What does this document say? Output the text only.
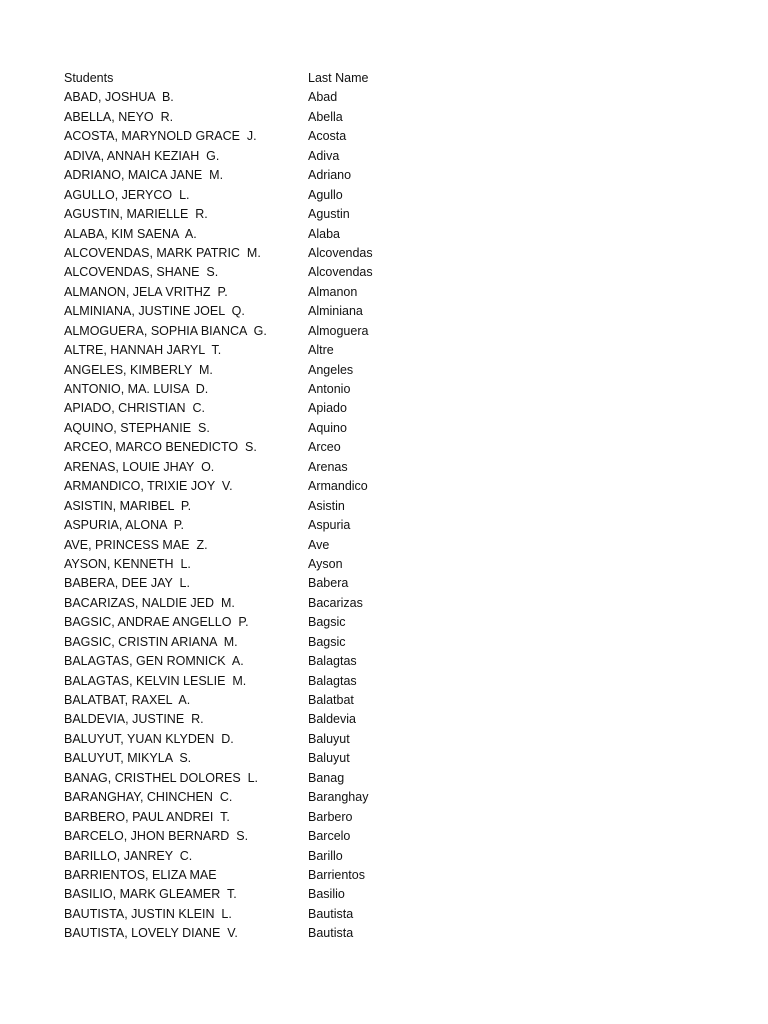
Students	Last Name
ABAD, JOSHUA  B.	Abad
ABELLA, NEYO  R.	Abella
ACOSTA, MARYNOLD GRACE  J.	Acosta
ADIVA, ANNAH KEZIAH  G.	Adiva
ADRIANO, MAICA JANE  M.	Adriano
AGULLO, JERYCO  L.	Agullo
AGUSTIN, MARIELLE  R.	Agustin
ALABA, KIM SAENA  A.	Alaba
ALCOVENDAS, MARK PATRIC  M.	Alcovendas
ALCOVENDAS, SHANE  S.	Alcovendas
ALMANON, JELA VRITHZ  P.	Almanon
ALMINIANA, JUSTINE JOEL  Q.	Alminiana
ALMOGUERA, SOPHIA BIANCA  G.	Almoguera
ALTRE, HANNAH JARYL  T.	Altre
ANGELES, KIMBERLY  M.	Angeles
ANTONIO, MA. LUISA  D.	Antonio
APIADO, CHRISTIAN  C.	Apiado
AQUINO, STEPHANIE  S.	Aquino
ARCEO, MARCO BENEDICTO  S.	Arceo
ARENAS, LOUIE JHAY  O.	Arenas
ARMANDICO, TRIXIE JOY  V.	Armandico
ASISTIN, MARIBEL  P.	Asistin
ASPURIA, ALONA  P.	Aspuria
AVE, PRINCESS MAE  Z.	Ave
AYSON, KENNETH  L.	Ayson
BABERA, DEE JAY  L.	Babera
BACARIZAS, NALDIE JED  M.	Bacarizas
BAGSIC, ANDRAE ANGELLO  P.	Bagsic
BAGSIC, CRISTIN ARIANA  M.	Bagsic
BALAGTAS, GEN ROMNICK  A.	Balagtas
BALAGTAS, KELVIN LESLIE  M.	Balagtas
BALATBAT, RAXEL  A.	Balatbat
BALDEVIA, JUSTINE  R.	Baldevia
BALUYUT, YUAN KLYDEN  D.	Baluyut
BALUYUT, MIKYLA  S.	Baluyut
BANAG, CRISTHEL DOLORES  L.	Banag
BARANGHAY, CHINCHEN  C.	Baranghay
BARBERO, PAUL ANDREI  T.	Barbero
BARCELO, JHON BERNARD  S.	Barcelo
BARILLO, JANREY  C.	Barillo
BARRIENTOS, ELIZA MAE	Barrientos
BASILIO, MARK GLEAMER  T.	Basilio
BAUTISTA, JUSTIN KLEIN  L.	Bautista
BAUTISTA, LOVELY DIANE  V.	Bautista
